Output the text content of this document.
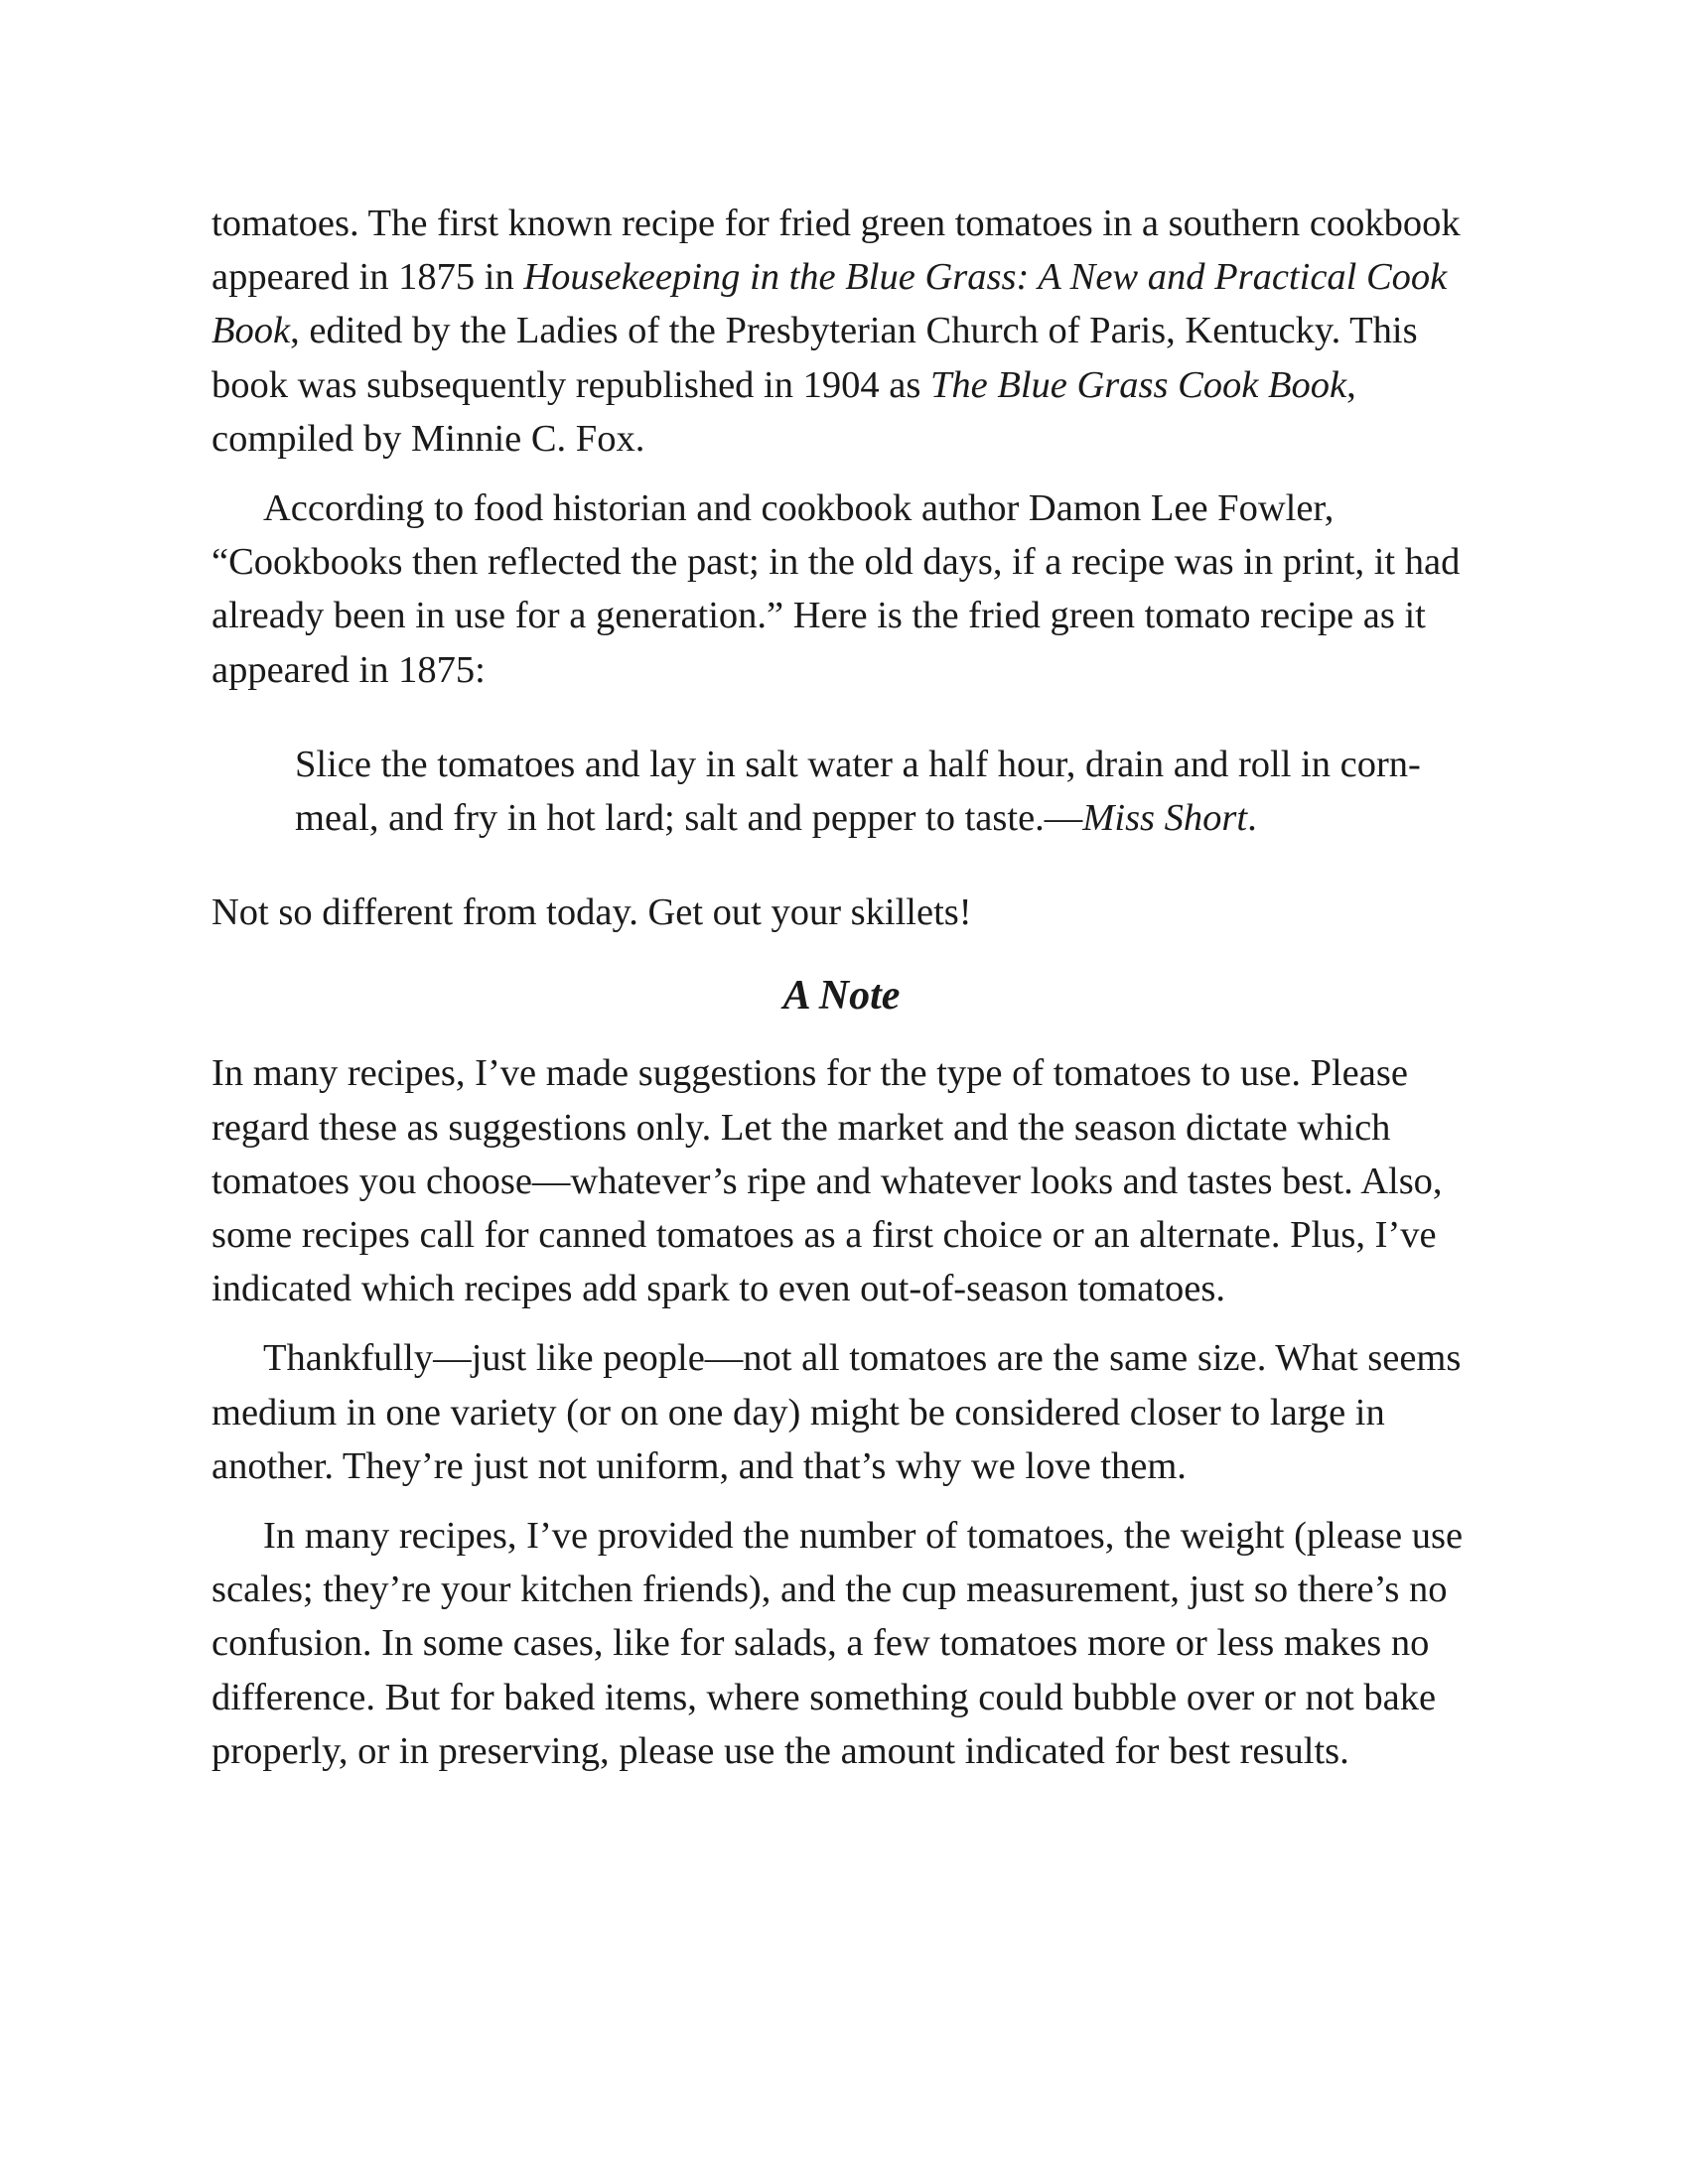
tomatoes. The first known recipe for fried green tomatoes in a southern cookbook appeared in 1875 in Housekeeping in the Blue Grass: A New and Practical Cook Book, edited by the Ladies of the Presbyterian Church of Paris, Kentucky. This book was subsequently republished in 1904 as The Blue Grass Cook Book, compiled by Minnie C. Fox.

According to food historian and cookbook author Damon Lee Fowler, “Cookbooks then reflected the past; in the old days, if a recipe was in print, it had already been in use for a generation.” Here is the fried green tomato recipe as it appeared in 1875:

Slice the tomatoes and lay in salt water a half hour, drain and roll in corn-meal, and fry in hot lard; salt and pepper to taste.—Miss Short.

Not so different from today. Get out your skillets!

A Note

In many recipes, I’ve made suggestions for the type of tomatoes to use. Please regard these as suggestions only. Let the market and the season dictate which tomatoes you choose—whatever’s ripe and whatever looks and tastes best. Also, some recipes call for canned tomatoes as a first choice or an alternate. Plus, I’ve indicated which recipes add spark to even out-of-season tomatoes.

Thankfully—just like people—not all tomatoes are the same size. What seems medium in one variety (or on one day) might be considered closer to large in another. They’re just not uniform, and that’s why we love them.

In many recipes, I’ve provided the number of tomatoes, the weight (please use scales; they’re your kitchen friends), and the cup measurement, just so there’s no confusion. In some cases, like for salads, a few tomatoes more or less makes no difference. But for baked items, where something could bubble over or not bake properly, or in preserving, please use the amount indicated for best results.
